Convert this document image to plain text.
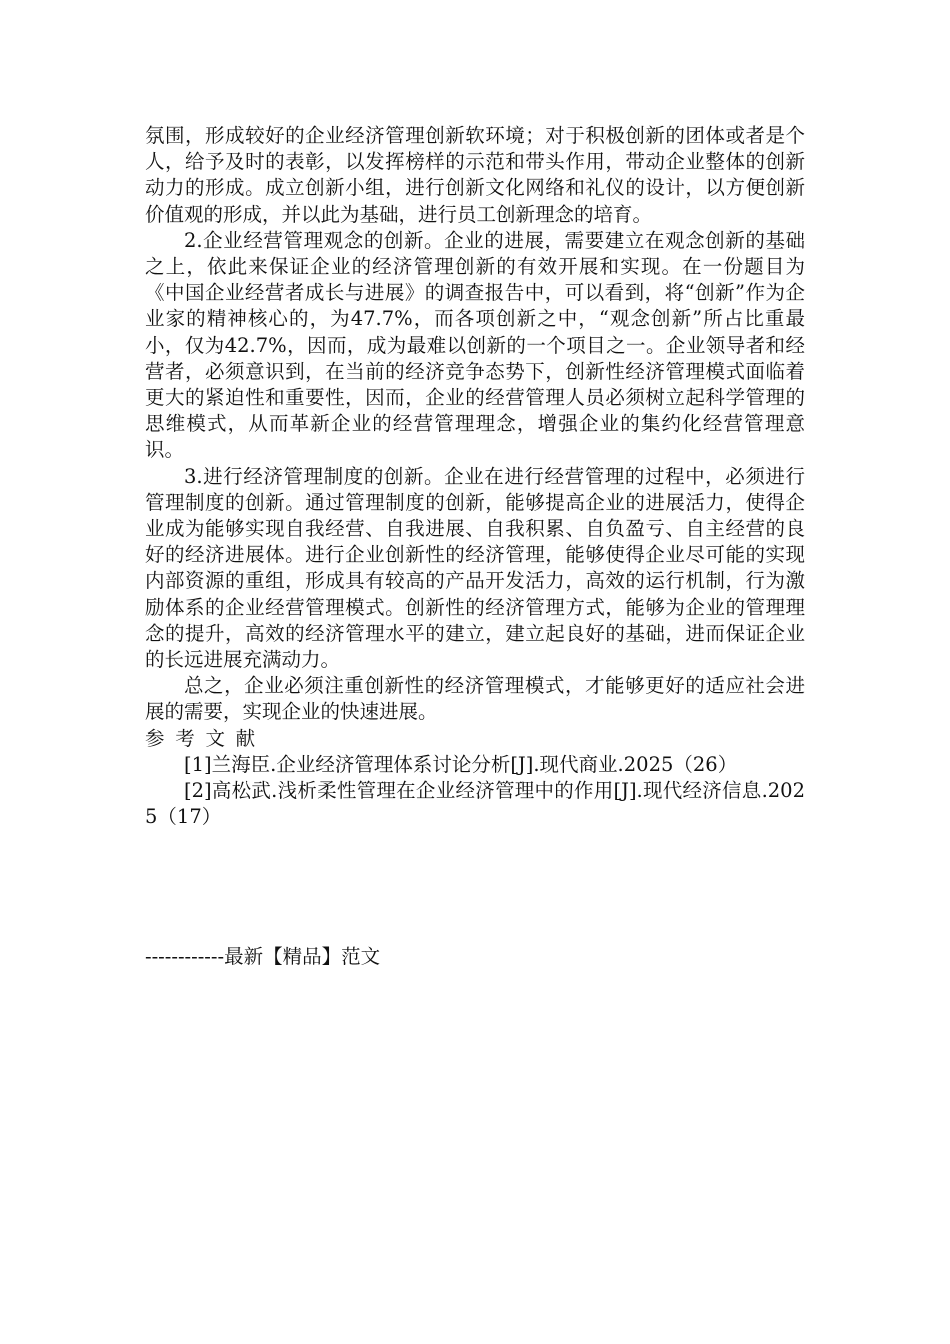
氛围，形成较好的企业经济管理创新软环境；对于积极创新的团体或者是个人，给予及时的表彰，以发挥榜样的示范和带头作用，带动企业整体的创新动力的形成。成立创新小组，进行创新文化网络和礼仪的设计，以方便创新价值观的形成，并以此为基础，进行员工创新理念的培育。

2.企业经营管理观念的创新。企业的进展，需要建立在观念创新的基础之上，依此来保证企业的经济管理创新的有效开展和实现。在一份题目为《中国企业经营者成长与进展》的调查报告中，可以看到，将“创新”作为企业家的精神核心的，为47.7%，而各项创新之中，“观念创新”所占比重最小，仅为42.7%，因而，成为最难以创新的一个项目之一。企业领导者和经营者，必须意识到，在当前的经济竞争态势下，创新性经济管理模式面临着更大的紧迫性和重要性，因而，企业的经营管理人员必须树立起科学管理的思维模式，从而革新企业的经营管理理念，增强企业的集约化经营管理意识。

3.进行经济管理制度的创新。企业在进行经营管理的过程中，必须进行管理制度的创新。通过管理制度的创新，能够提高企业的进展活力，使得企业成为能够实现自我经营、自我进展、自我积累、自负盈亏、自主经营的良好的经济进展体。进行企业创新性的经济管理，能够使得企业尽可能的实现内部资源的重组，形成具有较高的产品开发活力，高效的运行机制，行为激励体系的企业经营管理模式。创新性的经济管理方式，能够为企业的管理理念的提升，高效的经济管理水平的建立，建立起良好的基础，进而保证企业的长远进展充满动力。

总之，企业必须注重创新性的经济管理模式，才能够更好的适应社会进展的需要，实现企业的快速进展。

参考文献

[1]兰海臣.企业经济管理体系讨论分析[J].现代商业.2025（26）

[2]高松武.浅析柔性管理在企业经济管理中的作用[J].现代经济信息.2025（17）

------------最新【精品】范文
